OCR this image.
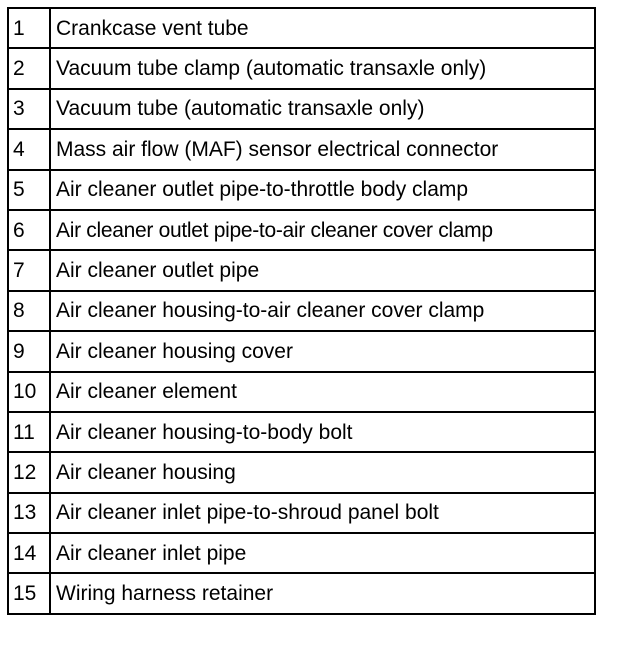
1	Crankcase vent tube
2	Vacuum tube clamp (automatic transaxle only)
3	Vacuum tube (automatic transaxle only)
4	Mass air flow (MAF) sensor electrical connector
5	Air cleaner outlet pipe-to-throttle body clamp
6	Air cleaner outlet pipe-to-air cleaner cover clamp
7	Air cleaner outlet pipe
8	Air cleaner housing-to-air cleaner cover clamp
9	Air cleaner housing cover
10	Air cleaner element
11	Air cleaner housing-to-body bolt
12	Air cleaner housing
13	Air cleaner inlet pipe-to-shroud panel bolt
14	Air cleaner inlet pipe
15	Wiring harness retainer
